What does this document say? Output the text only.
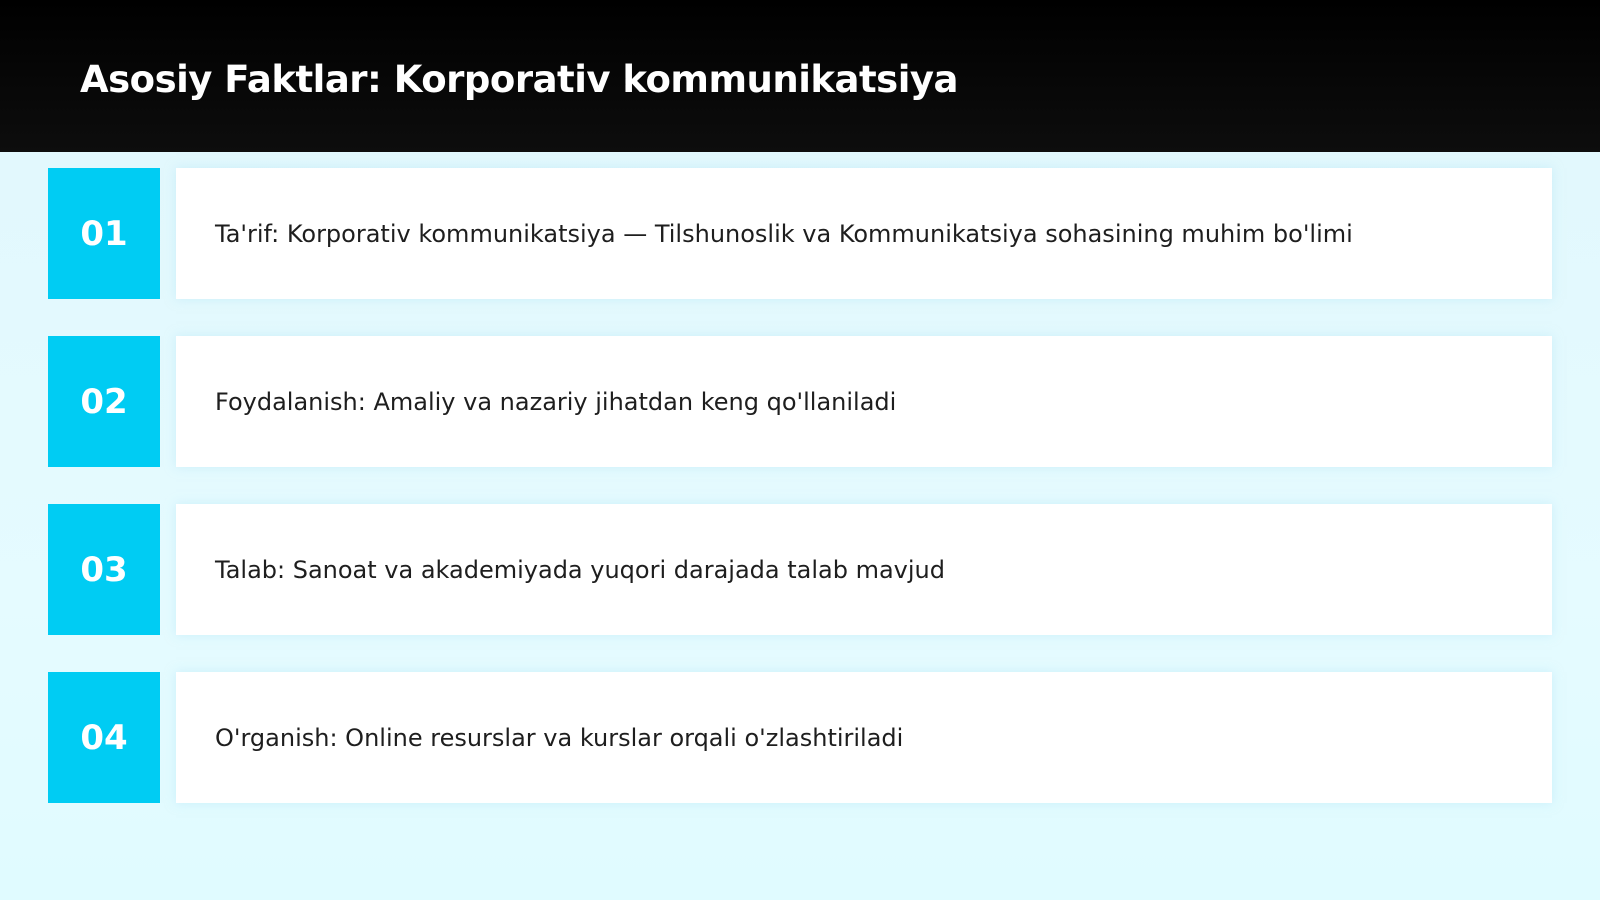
Asosiy Faktlar: Korporativ kommunikatsiya
01	Ta'rif: Korporativ kommunikatsiya — Tilshunoslik va Kommunikatsiya sohasining muhim bo'limi
02	Foydalanish: Amaliy va nazariy jihatdan keng qo'llaniladi
03	Talab: Sanoat va akademiyada yuqori darajada talab mavjud
04	O'rganish: Online resurslar va kurslar orqali o'zlashtiriladi
